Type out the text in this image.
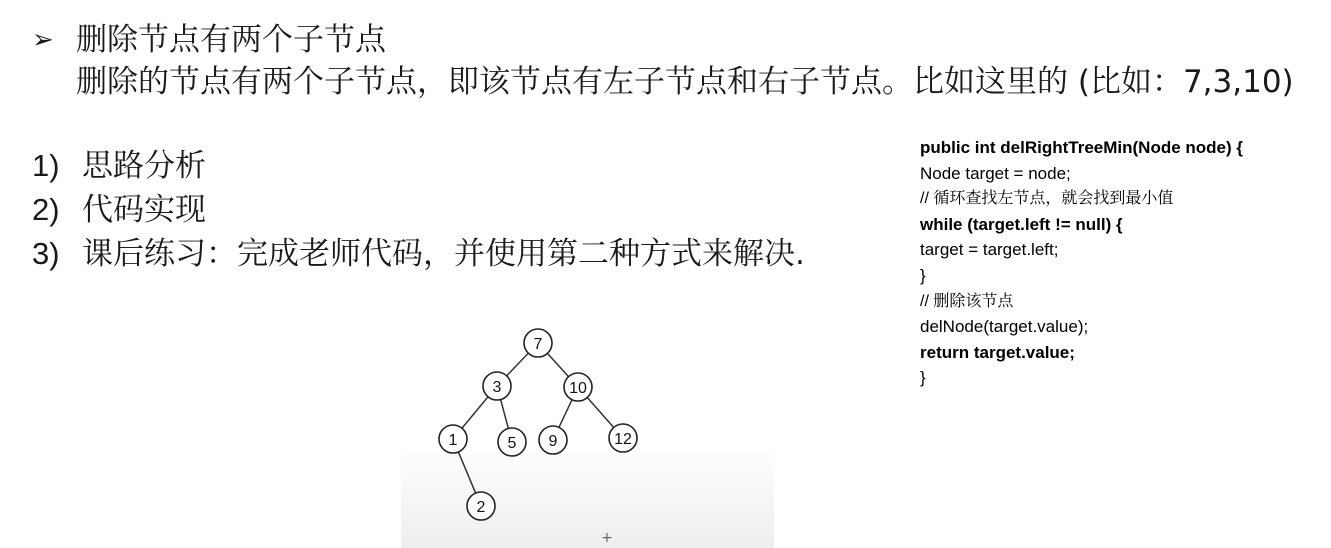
➢ 删除节点有两个子节点
删除的节点有两个子节点，即该节点有左子节点和右子节点。比如这里的 (比如：7,3,10)
1) 思路分析
2) 代码实现
3) 课后练习：完成老师代码，并使用第二种方式来解决.
public int delRightTreeMin(Node node) {
Node target = node;
// 循环查找左节点，就会找到最小值
while (target.left != null) {
target = target.left;
}
// 删除该节点
delNode(target.value);
return target.value;
}
7
3	10
1	5 9	12
2
+
